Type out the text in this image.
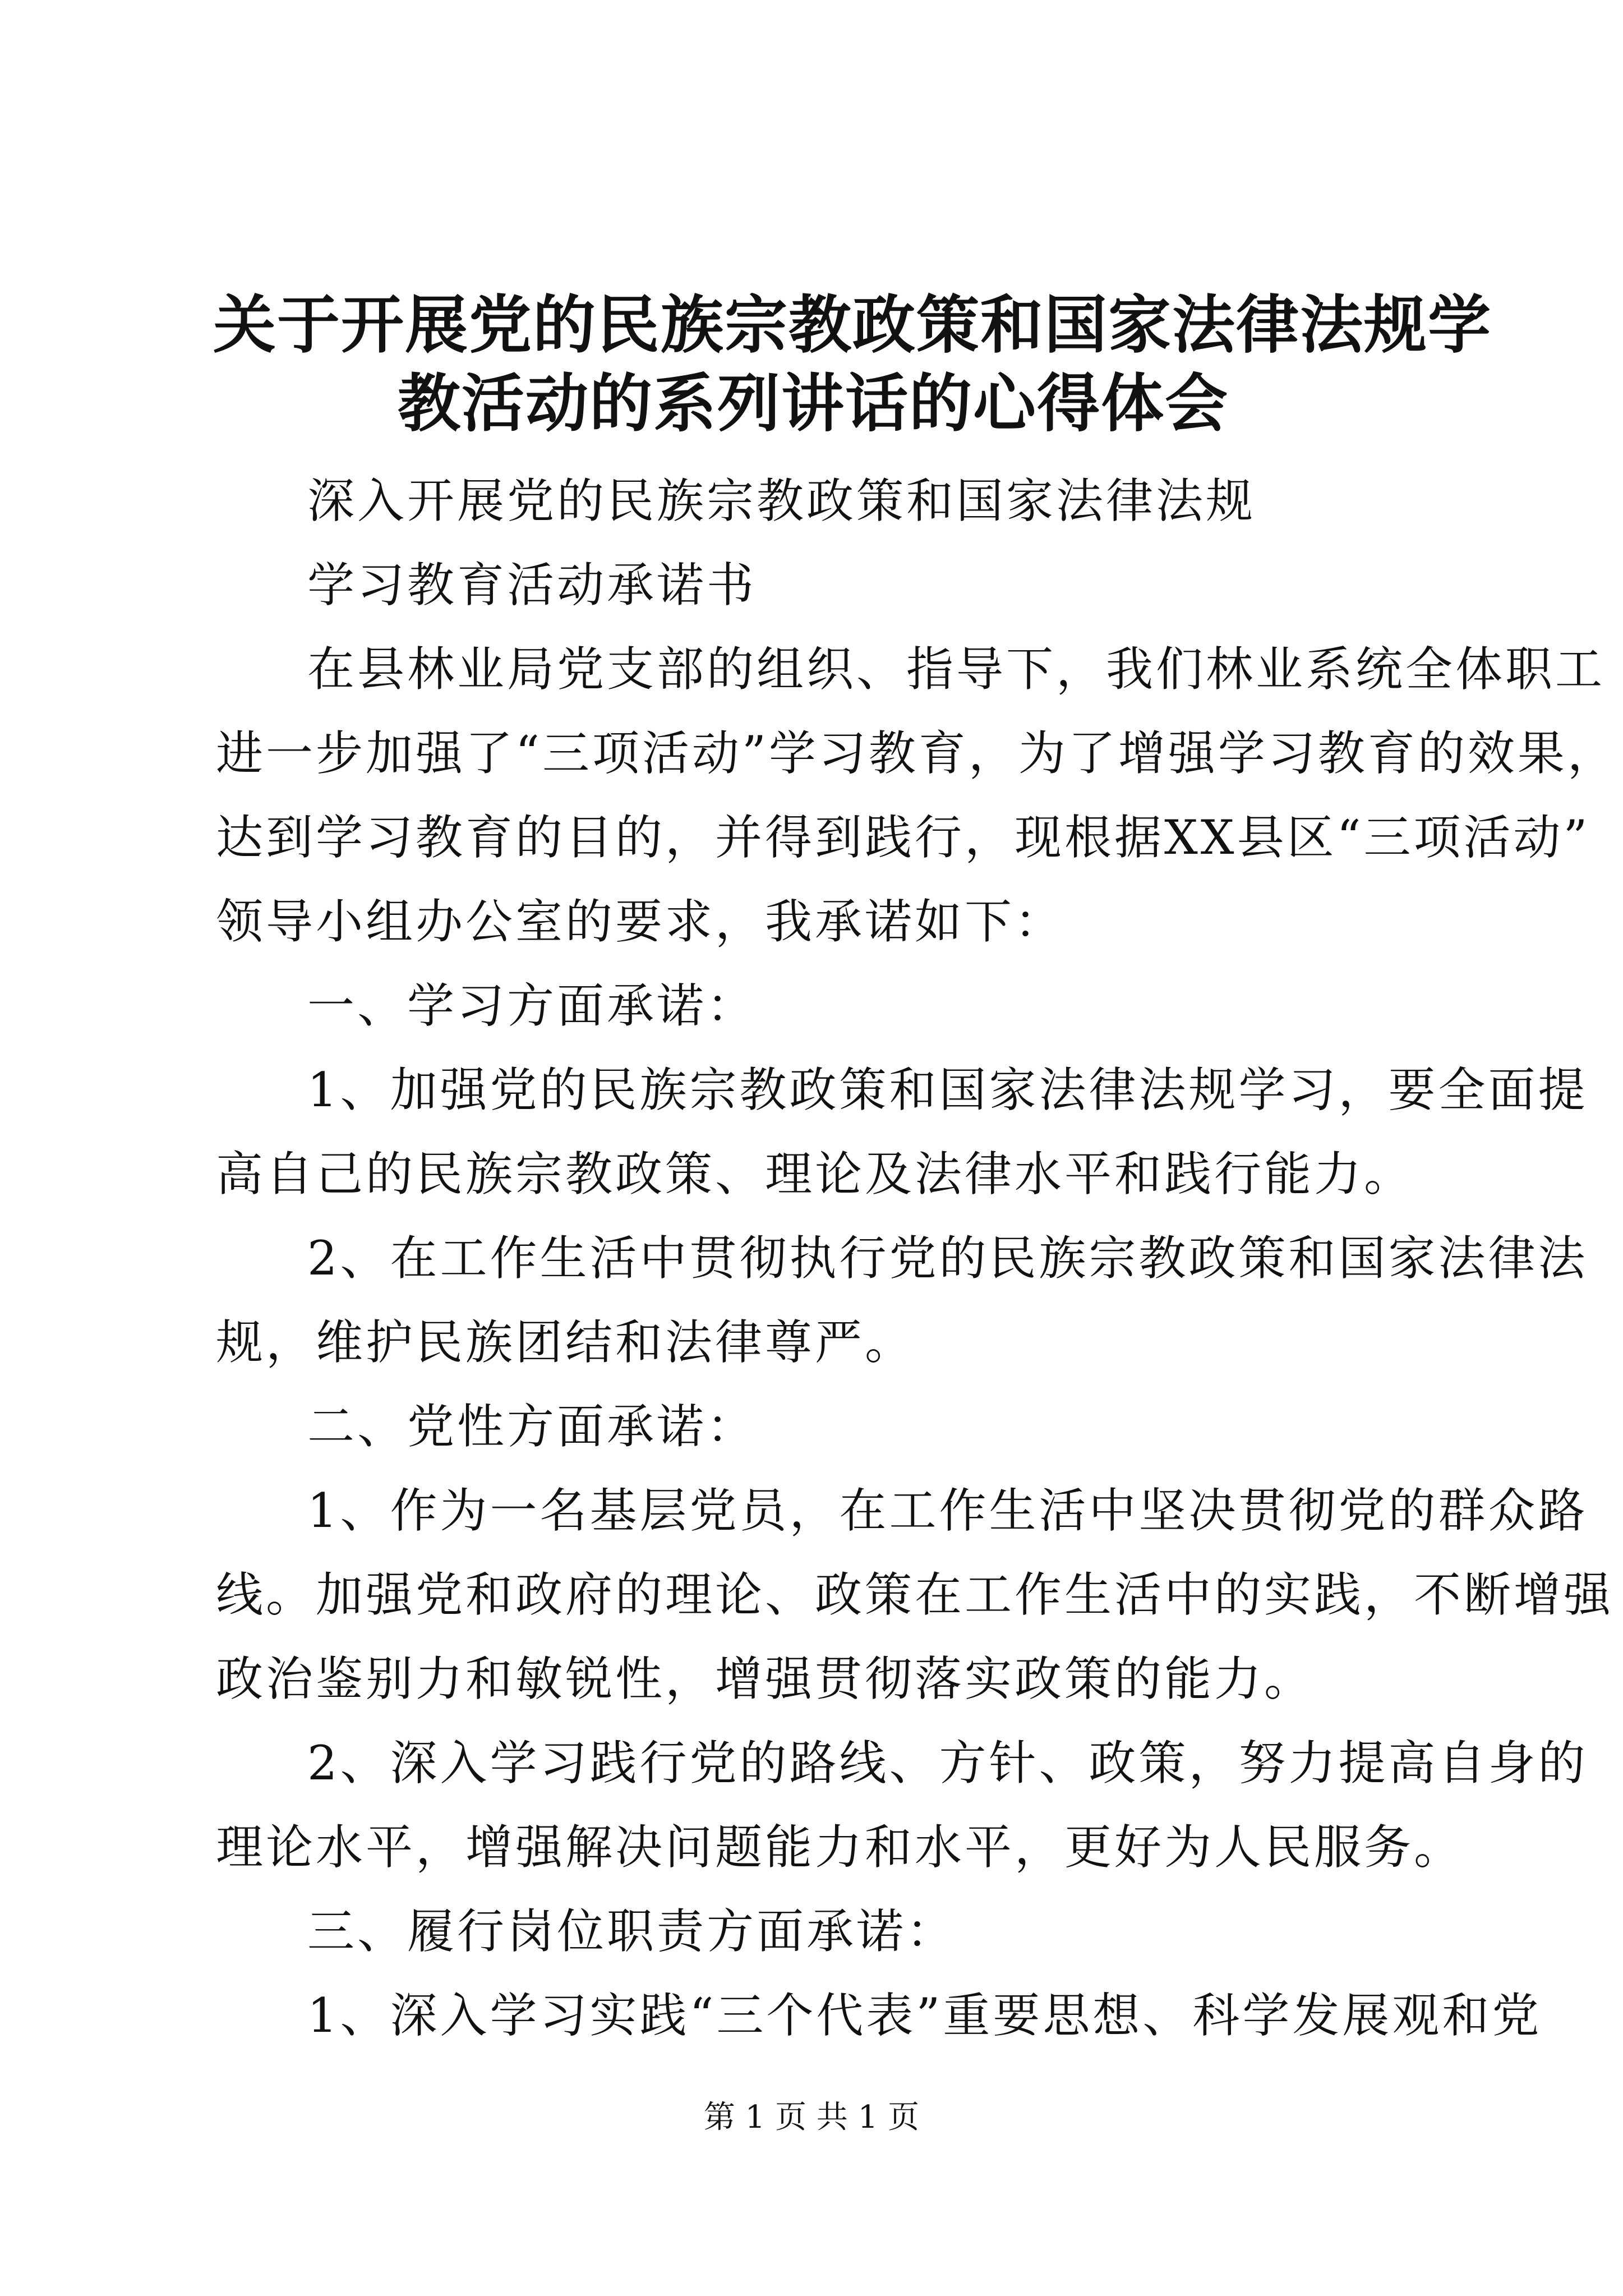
关于开展党的民族宗教政策和国家法律法规学
教活动的系列讲话的心得体会
深入开展党的民族宗教政策和国家法律法规
学习教育活动承诺书
在县林业局党支部的组织、指导下，我们林业系统全体职工
进一步加强了“三项活动”学习教育，为了增强学习教育的效果，
达到学习教育的目的，并得到践行，现根据XX县区“三项活动”
领导小组办公室的要求，我承诺如下：
一、学习方面承诺：
1、加强党的民族宗教政策和国家法律法规学习，要全面提
高自己的民族宗教政策、理论及法律水平和践行能力。
2、在工作生活中贯彻执行党的民族宗教政策和国家法律法
规，维护民族团结和法律尊严。
二、党性方面承诺：
1、作为一名基层党员，在工作生活中坚决贯彻党的群众路
线。加强党和政府的理论、政策在工作生活中的实践，不断增强
政治鉴别力和敏锐性，增强贯彻落实政策的能力。
2、深入学习践行党的路线、方针、政策，努力提高自身的
理论水平，增强解决问题能力和水平，更好为人民服务。
三、履行岗位职责方面承诺：
1、深入学习实践“三个代表”重要思想、科学发展观和党
第 1 页 共 1 页
